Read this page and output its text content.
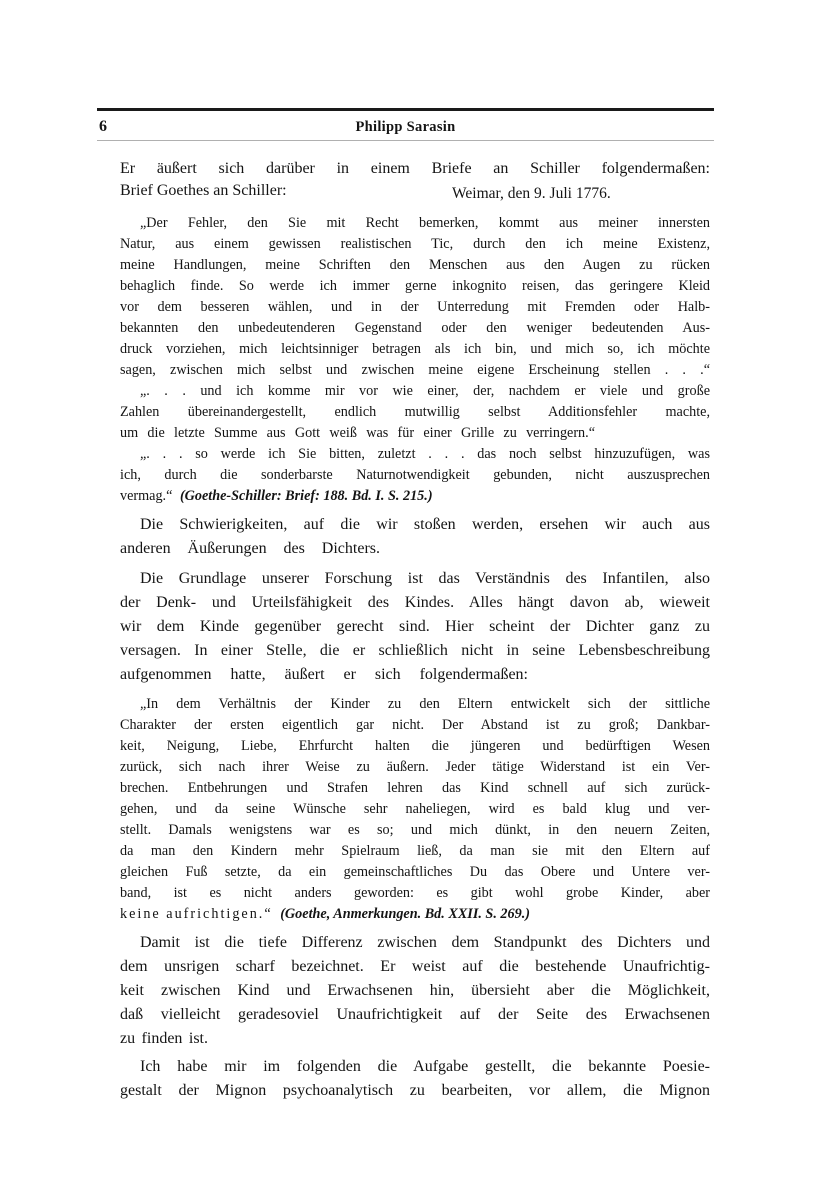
6	Philipp Sarasin
Er äußert sich darüber in einem Briefe an Schiller folgendermaßen:
Brief Goethes an Schiller:	Weimar, den 9. Juli 1776.
„Der Fehler, den Sie mit Recht bemerken, kommt aus meiner innersten
Natur, aus einem gewissen realistischen Tic, durch den ich meine Existenz,
meine Handlungen, meine Schriften den Menschen aus den Augen zu rücken
behaglich finde. So werde ich immer gerne inkognito reisen, das geringere Kleid
vor dem besseren wählen, und in der Unterredung mit Fremden oder Halb-
bekannten den unbedeutenderen Gegenstand oder den weniger bedeutenden Aus-
druck vorziehen, mich leichtsinniger betragen als ich bin, und mich so, ich möchte
sagen, zwischen mich selbst und zwischen meine eigene Erscheinung stellen . . .“
„. . . und ich komme mir vor wie einer, der, nachdem er viele und große
Zahlen übereinandergestellt, endlich mutwillig selbst Additionsfehler machte,
um die letzte Summe aus Gott weiß was für einer Grille zu verringern.“
„. . . so werde ich Sie bitten, zuletzt . . . das noch selbst hinzuzufügen, was
ich, durch die sonderbarste Naturnotwendigkeit gebunden, nicht auszusprechen
vermag.“ (Goethe-Schiller: Brief: 188. Bd. I. S. 215.)
Die Schwierigkeiten, auf die wir stoßen werden, ersehen wir auch aus
anderen Äußerungen des Dichters.
Die Grundlage unserer Forschung ist das Verständnis des Infantilen, also
der Denk- und Urteilsfähigkeit des Kindes. Alles hängt davon ab, wieweit
wir dem Kinde gegenüber gerecht sind. Hier scheint der Dichter ganz zu
versagen. In einer Stelle, die er schließlich nicht in seine Lebensbeschreibung
aufgenommen hatte, äußert er sich folgendermaßen:
„In dem Verhältnis der Kinder zu den Eltern entwickelt sich der sittliche
Charakter der ersten eigentlich gar nicht. Der Abstand ist zu groß; Dankbar-
keit, Neigung, Liebe, Ehrfurcht halten die jüngeren und bedürftigen Wesen
zurück, sich nach ihrer Weise zu äußern. Jeder tätige Widerstand ist ein Ver-
brechen. Entbehrungen und Strafen lehren das Kind schnell auf sich zurück-
gehen, und da seine Wünsche sehr naheliegen, wird es bald klug und ver-
stellt. Damals wenigstens war es so; und mich dünkt, in den neuern Zeiten,
da man den Kindern mehr Spielraum ließ, da man sie mit den Eltern auf
gleichen Fuß setzte, da ein gemeinschaftliches Du das Obere und Untere ver-
band, ist es nicht anders geworden: es gibt wohl grobe Kinder, aber
keine aufrichtigen.“ (Goethe, Anmerkungen. Bd. XXII. S. 269.)
Damit ist die tiefe Differenz zwischen dem Standpunkt des Dichters und
dem unsrigen scharf bezeichnet. Er weist auf die bestehende Unaufrichtig-
keit zwischen Kind und Erwachsenen hin, übersieht aber die Möglichkeit,
daß vielleicht geradesoviel Unaufrichtigkeit auf der Seite des Erwachsenen
zu finden ist.
Ich habe mir im folgenden die Aufgabe gestellt, die bekannte Poesie-
gestalt der Mignon psychoanalytisch zu bearbeiten, vor allem, die Mignon
